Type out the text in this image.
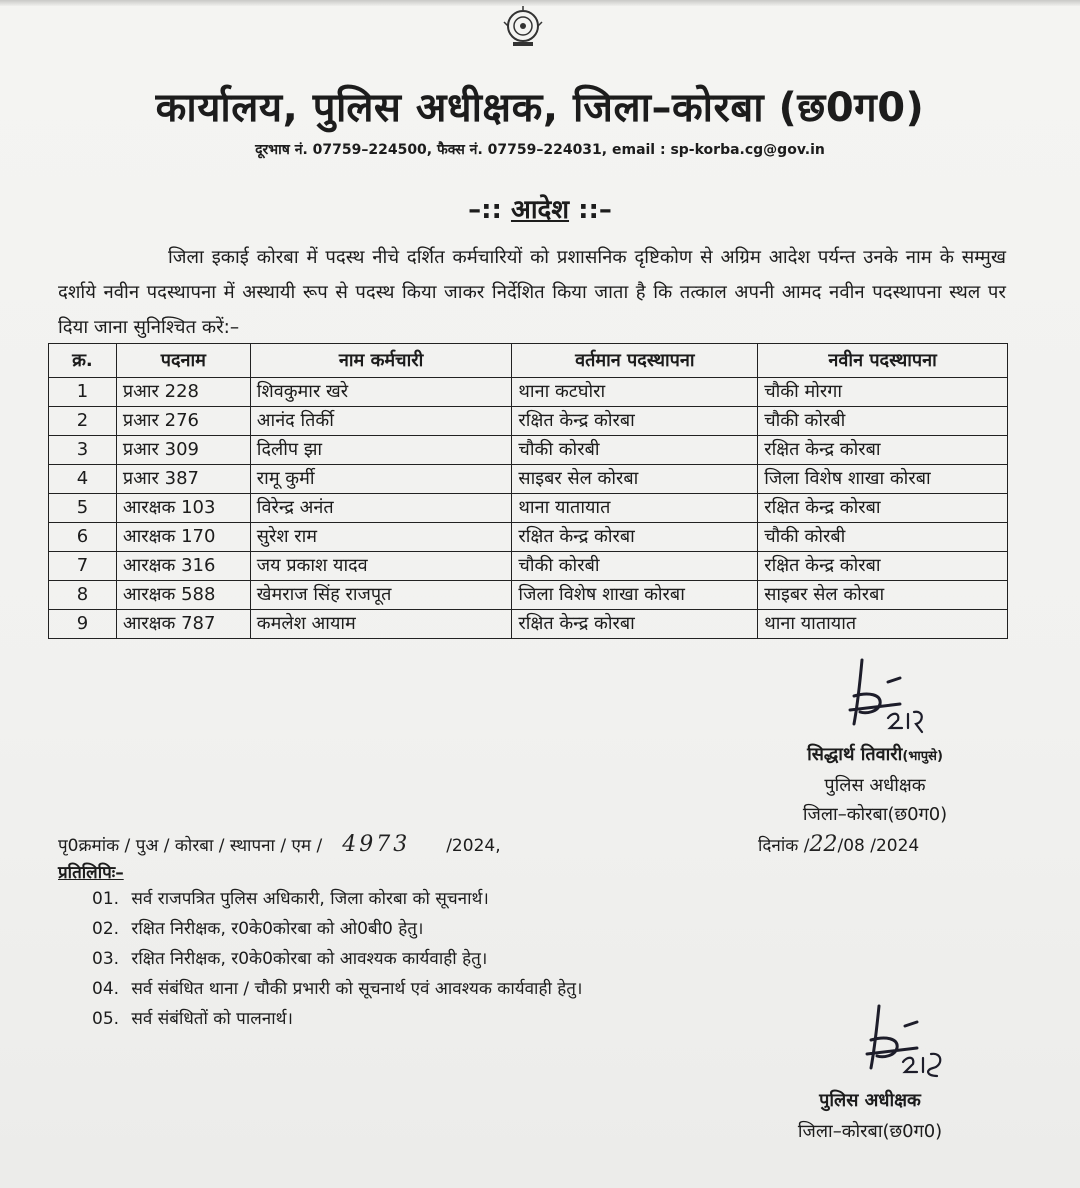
कार्यालय, पुलिस अधीक्षक, जिला–कोरबा (छ0ग0)
दूरभाष नं. 07759–224500, फैक्स नं. 07759–224031, email : sp-korba.cg@gov.in
–:: आदेश ::–
जिला इकाई कोरबा में पदस्थ नीचे दर्शित कर्मचारियों को प्रशासनिक दृष्टिकोण से अग्रिम आदेश पर्यन्त उनके नाम के सम्मुख दर्शाये नवीन पदस्थापना में अस्थायी रूप से पदस्थ किया जाकर निर्देशित किया जाता है कि तत्काल अपनी आमद नवीन पदस्थापना स्थल पर दिया जाना सुनिश्चित करें:–
क्र.	पदनाम	नाम कर्मचारी	वर्तमान पदस्थापना	नवीन पदस्थापना
1	प्रआर 228	शिवकुमार खरे	थाना कटघोरा	चौकी मोरगा
2	प्रआर 276	आनंद तिर्की	रक्षित केन्द्र कोरबा	चौकी कोरबी
3	प्रआर 309	दिलीप झा	चौकी कोरबी	रक्षित केन्द्र कोरबा
4	प्रआर 387	रामू कुर्मी	साइबर सेल कोरबा	जिला विशेष शाखा कोरबा
5	आरक्षक 103	विरेन्द्र अनंत	थाना यातायात	रक्षित केन्द्र कोरबा
6	आरक्षक 170	सुरेश राम	रक्षित केन्द्र कोरबा	चौकी कोरबी
7	आरक्षक 316	जय प्रकाश यादव	चौकी कोरबी	रक्षित केन्द्र कोरबा
8	आरक्षक 588	खेमराज सिंह राजपूत	जिला विशेष शाखा कोरबा	साइबर सेल कोरबा
9	आरक्षक 787	कमलेश आयाम	रक्षित केन्द्र कोरबा	थाना यातायात
सिद्धार्थ तिवारी(भापुसे)
पुलिस अधीक्षक
जिला–कोरबा(छ0ग0)
पृ0क्रमांक / पुअ / कोरबा / स्थापना / एम / 4973 /2024,	दिनांक /22/08 /2024
प्रतिलिपिः–
01. सर्व राजपत्रित पुलिस अधिकारी, जिला कोरबा को सूचनार्थ।
02. रक्षित निरीक्षक, र0के0कोरबा को ओ0बी0 हेतु।
03. रक्षित निरीक्षक, र0के0कोरबा को आवश्यक कार्यवाही हेतु।
04. सर्व संबंधित थाना / चौकी प्रभारी को सूचनार्थ एवं आवश्यक कार्यवाही हेतु।
05. सर्व संबंधितों को पालनार्थ।
पुलिस अधीक्षक
जिला–कोरबा(छ0ग0)
